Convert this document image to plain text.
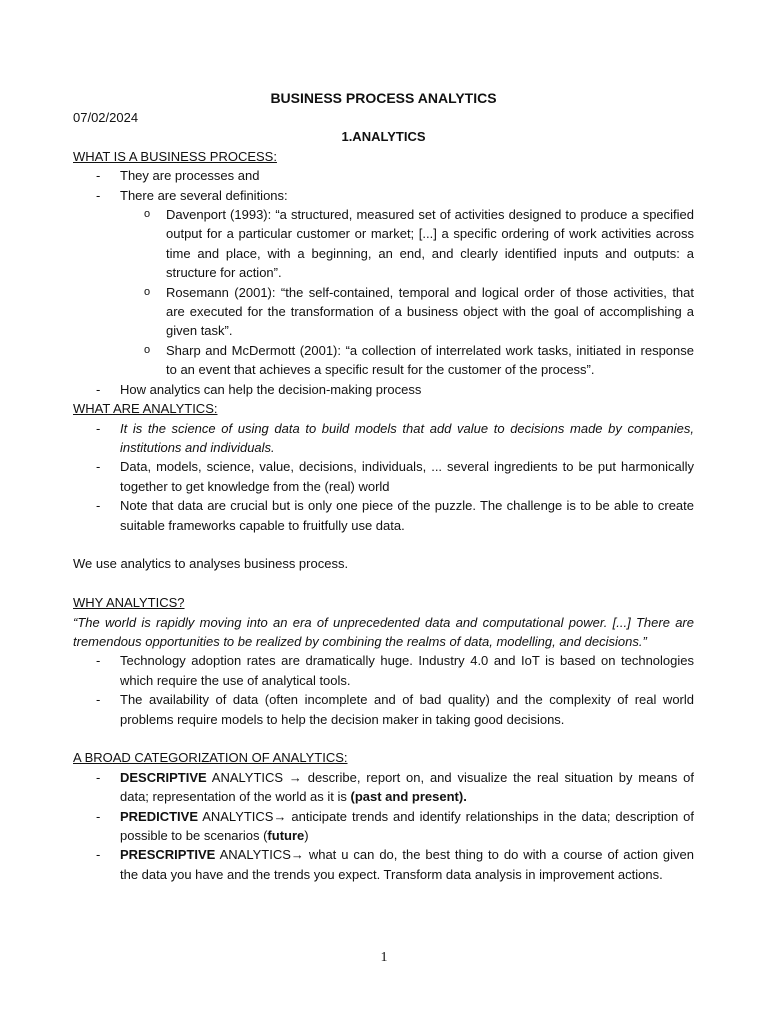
BUSINESS PROCESS ANALYTICS
07/02/2024
1.ANALYTICS
WHAT IS A BUSINESS PROCESS:
- They are processes and
- There are several definitions:
o Davenport (1993): “a structured, measured set of activities designed to produce a specified output for a particular customer or market; [...] a specific ordering of work activities across time and place, with a beginning, an end, and clearly identified inputs and outputs: a structure for action”.
o Rosemann (2001): “the self-contained, temporal and logical order of those activities, that are executed for the transformation of a business object with the goal of accomplishing a given task”.
o Sharp and McDermott (2001): “a collection of interrelated work tasks, initiated in response to an event that achieves a specific result for the customer of the process”.
- How analytics can help the decision-making process
WHAT ARE ANALYTICS:
- It is the science of using data to build models that add value to decisions made by companies, institutions and individuals.
- Data, models, science, value, decisions, individuals, ... several ingredients to be put harmonically together to get knowledge from the (real) world
- Note that data are crucial but is only one piece of the puzzle. The challenge is to be able to create suitable frameworks capable to fruitfully use data.
We use analytics to analyses business process.
WHY ANALYTICS?
“The world is rapidly moving into an era of unprecedented data and computational power. [...] There are tremendous opportunities to be realized by combining the realms of data, modelling, and decisions.”
- Technology adoption rates are dramatically huge. Industry 4.0 and IoT is based on technologies which require the use of analytical tools.
- The availability of data (often incomplete and of bad quality) and the complexity of real world problems require models to help the decision maker in taking good decisions.
A BROAD CATEGORIZATION OF ANALYTICS:
- DESCRIPTIVE ANALYTICS → describe, report on, and visualize the real situation by means of data; representation of the world as it is (past and present).
- PREDICTIVE ANALYTICS→ anticipate trends and identify relationships in the data; description of possible to be scenarios (future)
- PRESCRIPTIVE ANALYTICS→ what u can do, the best thing to do with a course of action given the data you have and the trends you expect. Transform data analysis in improvement actions.
1
